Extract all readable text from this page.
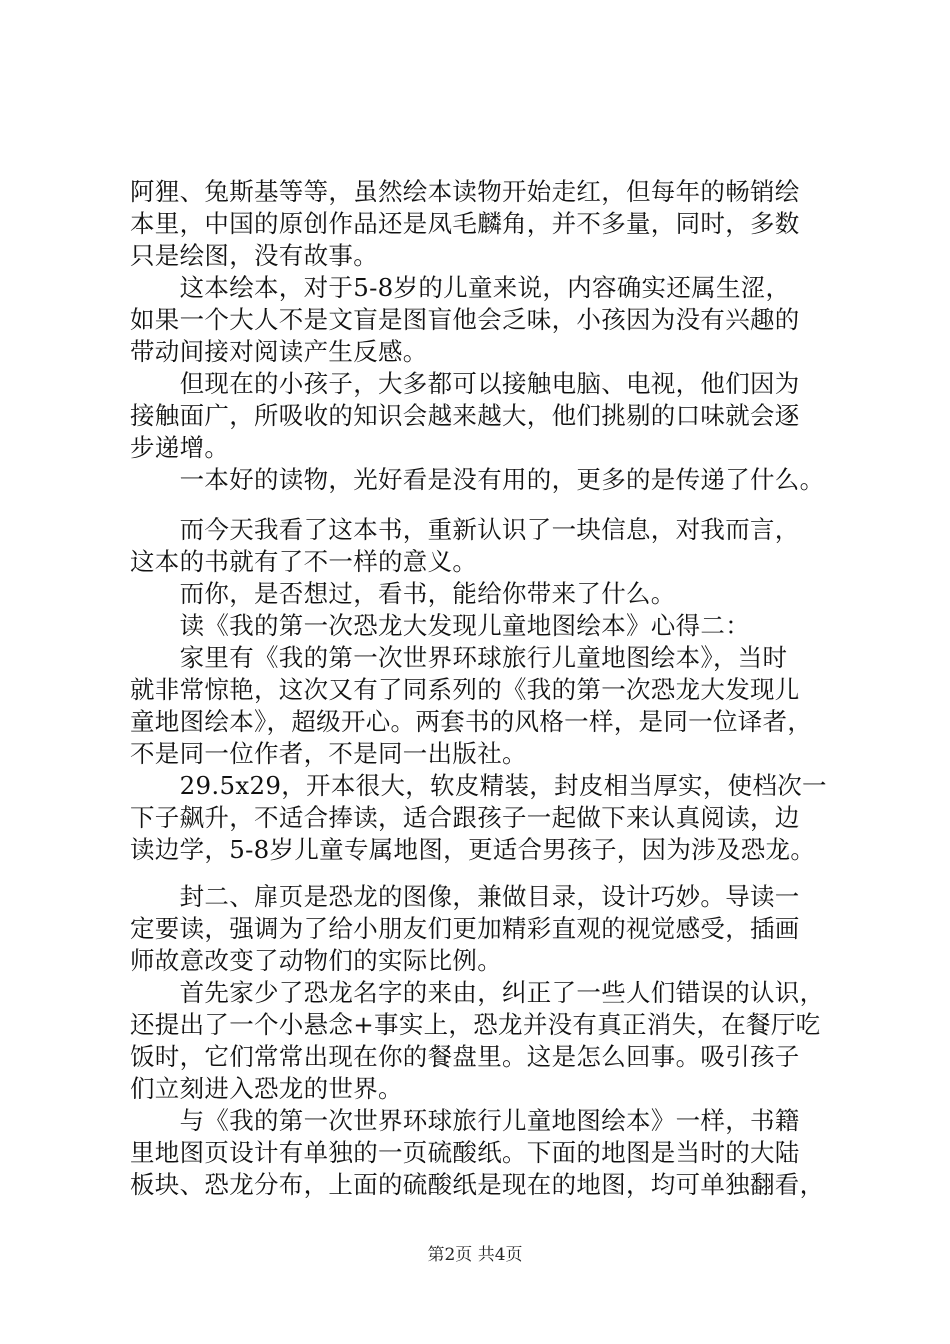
阿狸、兔斯基等等，虽然绘本读物开始走红，但每年的畅销绘
本里，中国的原创作品还是凤毛麟角，并不多量，同时，多数
只是绘图，没有故事。
　　这本绘本，对于5-8岁的儿童来说，内容确实还属生涩，
如果一个大人不是文盲是图盲他会乏味，小孩因为没有兴趣的
带动间接对阅读产生反感。
　　但现在的小孩子，大多都可以接触电脑、电视，他们因为
接触面广，所吸收的知识会越来越大，他们挑剔的口味就会逐
步递增。
　　一本好的读物，光好看是没有用的，更多的是传递了什么。
　　而今天我看了这本书，重新认识了一块信息，对我而言，
这本的书就有了不一样的意义。
　　而你，是否想过，看书，能给你带来了什么。
　　读《我的第一次恐龙大发现儿童地图绘本》心得二：
　　家里有《我的第一次世界环球旅行儿童地图绘本》，当时
就非常惊艳，这次又有了同系列的《我的第一次恐龙大发现儿
童地图绘本》，超级开心。两套书的风格一样，是同一位译者，
不是同一位作者，不是同一出版社。
　　29.5x29，开本很大，软皮精装，封皮相当厚实，使档次一
下子飙升，不适合捧读，适合跟孩子一起做下来认真阅读，边
读边学，5-8岁儿童专属地图，更适合男孩子，因为涉及恐龙。
　　封二、扉页是恐龙的图像，兼做目录，设计巧妙。导读一
定要读，强调为了给小朋友们更加精彩直观的视觉感受，插画
师故意改变了动物们的实际比例。
　　首先家少了恐龙名字的来由，纠正了一些人们错误的认识，
还提出了一个小悬念+事实上，恐龙并没有真正消失，在餐厅吃
饭时，它们常常出现在你的餐盘里。这是怎么回事。吸引孩子
们立刻进入恐龙的世界。
　　与《我的第一次世界环球旅行儿童地图绘本》一样，书籍
里地图页设计有单独的一页硫酸纸。下面的地图是当时的大陆
板块、恐龙分布，上面的硫酸纸是现在的地图，均可单独翻看，
第2页 共4页
